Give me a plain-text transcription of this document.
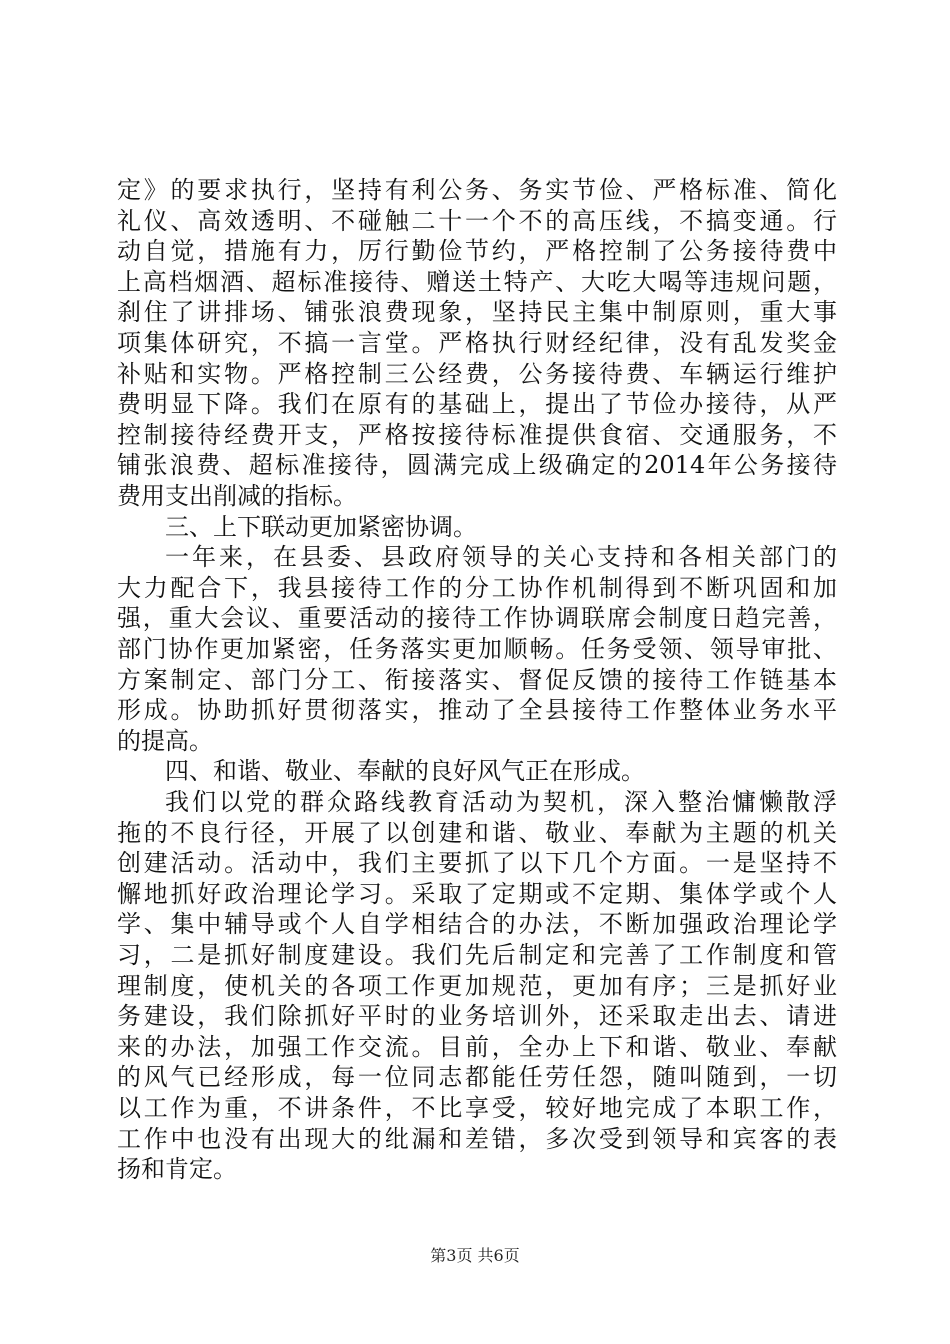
定》的要求执行，坚持有利公务、务实节俭、严格标准、简化
礼仪、高效透明、不碰触二十一个不的高压线，不搞变通。行
动自觉，措施有力，厉行勤俭节约，严格控制了公务接待费中
上高档烟酒、超标准接待、赠送土特产、大吃大喝等违规问题，
刹住了讲排场、铺张浪费现象，坚持民主集中制原则，重大事
项集体研究，不搞一言堂。严格执行财经纪律，没有乱发奖金
补贴和实物。严格控制三公经费，公务接待费、车辆运行维护
费明显下降。我们在原有的基础上，提出了节俭办接待，从严
控制接待经费开支，严格按接待标准提供食宿、交通服务，不
铺张浪费、超标准接待，圆满完成上级确定的2014年公务接待
费用支出削减的指标。
三、上下联动更加紧密协调。
一年来，在县委、县政府领导的关心支持和各相关部门的
大力配合下，我县接待工作的分工协作机制得到不断巩固和加
强，重大会议、重要活动的接待工作协调联席会制度日趋完善，
部门协作更加紧密，任务落实更加顺畅。任务受领、领导审批、
方案制定、部门分工、衔接落实、督促反馈的接待工作链基本
形成。协助抓好贯彻落实，推动了全县接待工作整体业务水平
的提高。
四、和谐、敬业、奉献的良好风气正在形成。
我们以党的群众路线教育活动为契机，深入整治慵懒散浮
拖的不良行径，开展了以创建和谐、敬业、奉献为主题的机关
创建活动。活动中，我们主要抓了以下几个方面。一是坚持不
懈地抓好政治理论学习。采取了定期或不定期、集体学或个人
学、集中辅导或个人自学相结合的办法，不断加强政治理论学
习，二是抓好制度建设。我们先后制定和完善了工作制度和管
理制度，使机关的各项工作更加规范，更加有序；三是抓好业
务建设，我们除抓好平时的业务培训外，还采取走出去、请进
来的办法，加强工作交流。目前，全办上下和谐、敬业、奉献
的风气已经形成，每一位同志都能任劳任怨，随叫随到，一切
以工作为重，不讲条件，不比享受，较好地完成了本职工作，
工作中也没有出现大的纰漏和差错，多次受到领导和宾客的表
扬和肯定。
第3页 共6页
